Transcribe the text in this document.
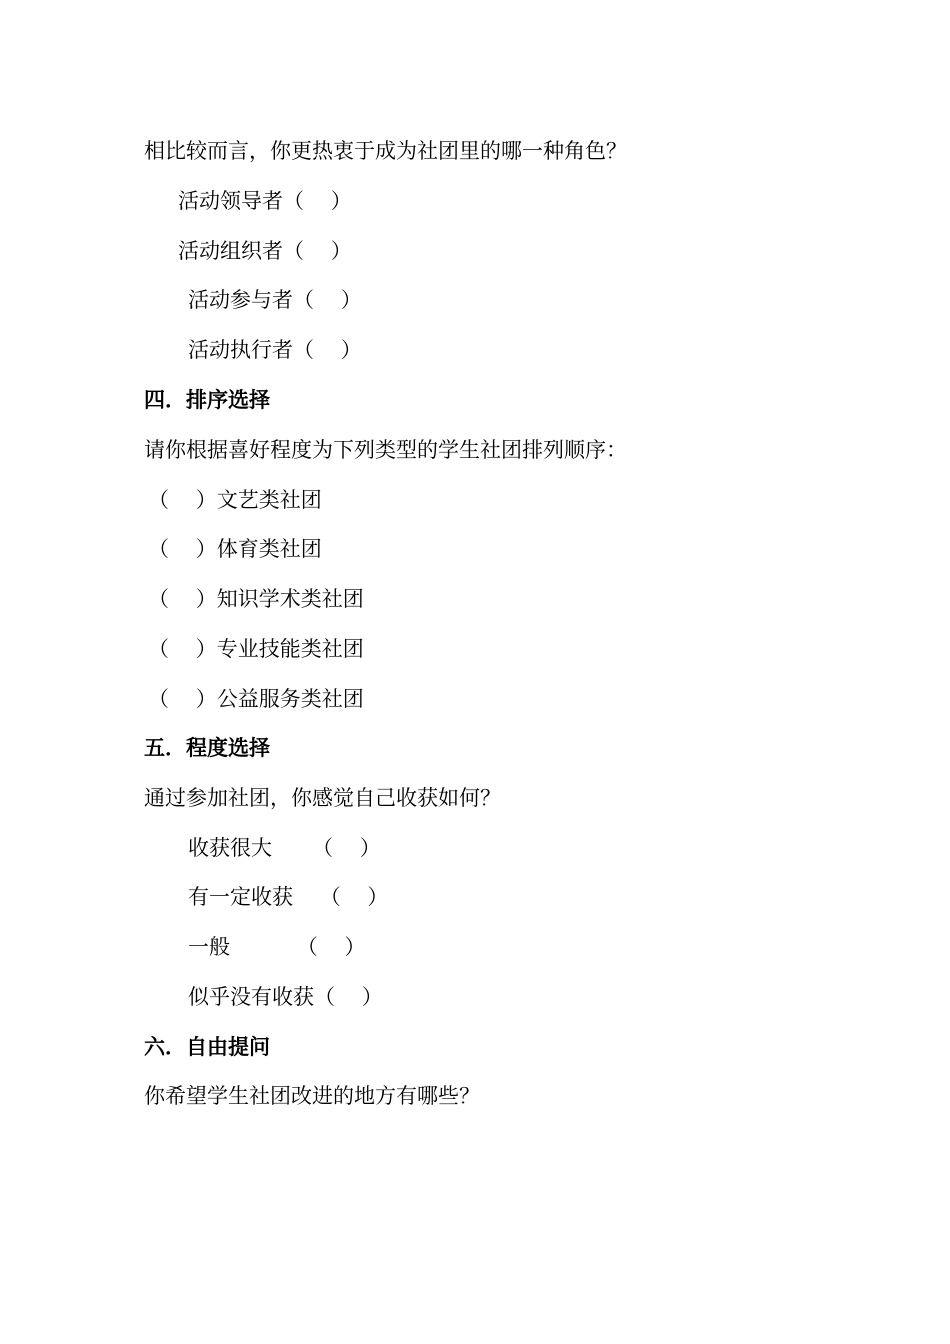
相比较而言，你更热衷于成为社团里的哪一种角色？
活动领导者（    ）
活动组织者（    ）
活动参与者（    ）
活动执行者（    ）
四．排序选择
请你根据喜好程度为下列类型的学生社团排列顺序：
（    ）文艺类社团
（    ）体育类社团
（    ）知识学术类社团
（    ）专业技能类社团
（    ）公益服务类社团
五．程度选择
通过参加社团，你感觉自己收获如何？
收获很大      （    ）
有一定收获    （    ）
一般          （    ）
似乎没有收获（    ）
六．自由提问
你希望学生社团改进的地方有哪些？
